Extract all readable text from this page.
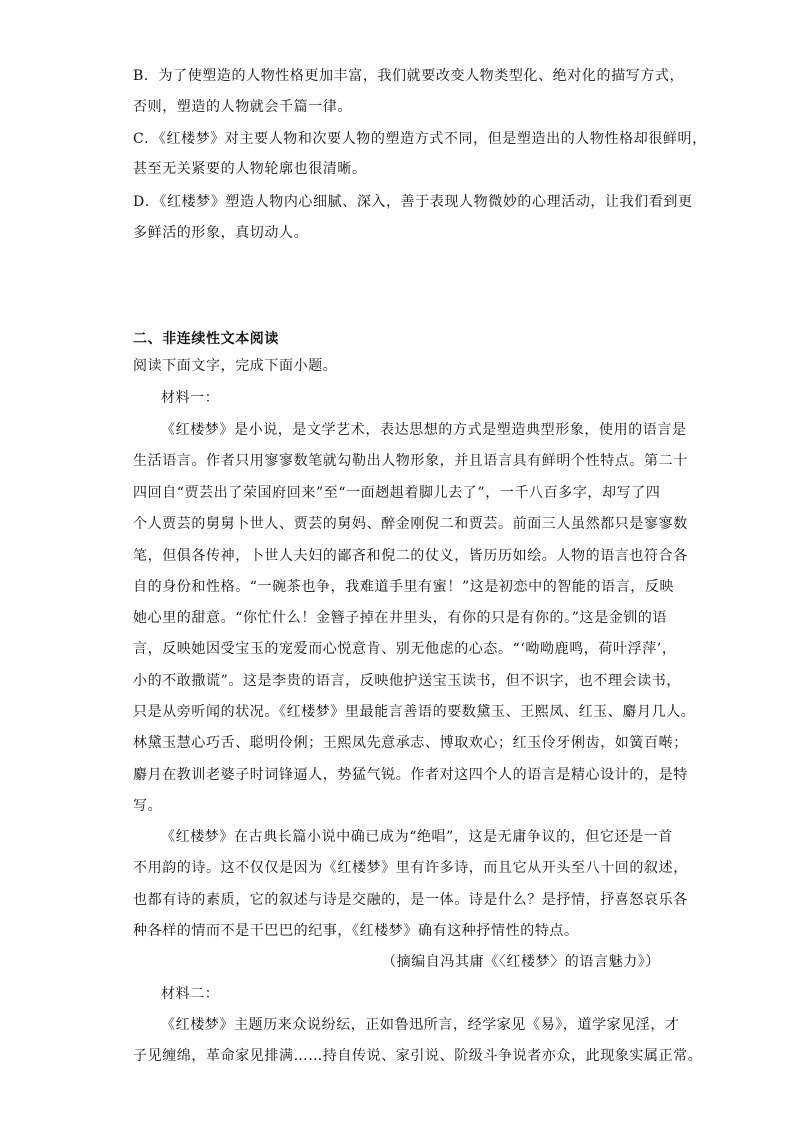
B．为了使塑造的人物性格更加丰富，我们就要改变人物类型化、绝对化的描写方式，
否则，塑造的人物就会千篇一律。
C．《红楼梦》对主要人物和次要人物的塑造方式不同，但是塑造出的人物性格却很鲜明，
甚至无关紧要的人物轮廓也很清晰。
D．《红楼梦》塑造人物内心细腻、深入，善于表现人物微妙的心理活动，让我们看到更
多鲜活的形象，真切动人。
二、非连续性文本阅读
阅读下面文字，完成下面小题。
材料一：
《红楼梦》是小说，是文学艺术，表达思想的方式是塑造典型形象，使用的语言是
生活语言。作者只用寥寥数笔就勾勒出人物形象，并且语言具有鲜明个性特点。第二十
四回自“贾芸出了荣国府回来”至“一面趔趄着脚儿去了”，一千八百多字，却写了四
个人贾芸的舅舅卜世人、贾芸的舅妈、醉金刚倪二和贾芸。前面三人虽然都只是寥寥数
笔，但俱各传神，卜世人夫妇的鄙吝和倪二的仗义，皆历历如绘。人物的语言也符合各
自的身份和性格。“一碗茶也争，我难道手里有蜜！”这是初恋中的智能的语言，反映
她心里的甜意。“你忙什么！金簪子掉在井里头，有你的只是有你的。”这是金钏的语
言，反映她因受宝玉的宠爱而心悦意肯、别无他虑的心态。“‘呦呦鹿鸣，荷叶浮萍’，
小的不敢撒谎”。这是李贵的语言，反映他护送宝玉读书，但不识字，也不理会读书，
只是从旁听闻的状况。《红楼梦》里最能言善语的要数黛玉、王熙凤、红玉、麝月几人。
林黛玉慧心巧舌、聪明伶俐；王熙凤先意承志、博取欢心；红玉伶牙俐齿，如簧百啭；
麝月在教训老婆子时词锋逼人，势猛气锐。作者对这四个人的语言是精心设计的，是特
写。
《红楼梦》在古典长篇小说中确已成为“绝唱”，这是无庸争议的，但它还是一首
不用韵的诗。这不仅仅是因为《红楼梦》里有许多诗，而且它从开头至八十回的叙述，
也都有诗的素质，它的叙述与诗是交融的，是一体。诗是什么？是抒情，抒喜怒哀乐各
种各样的情而不是干巴巴的纪事，《红楼梦》确有这种抒情性的特点。
（摘编自冯其庸《〈红楼梦〉的语言魅力》）
材料二：
《红楼梦》主题历来众说纷纭，正如鲁迅所言，经学家见《易》，道学家见淫，才
子见缠绵，革命家见排满……持自传说、家引说、阶级斗争说者亦众，此现象实属正常。
